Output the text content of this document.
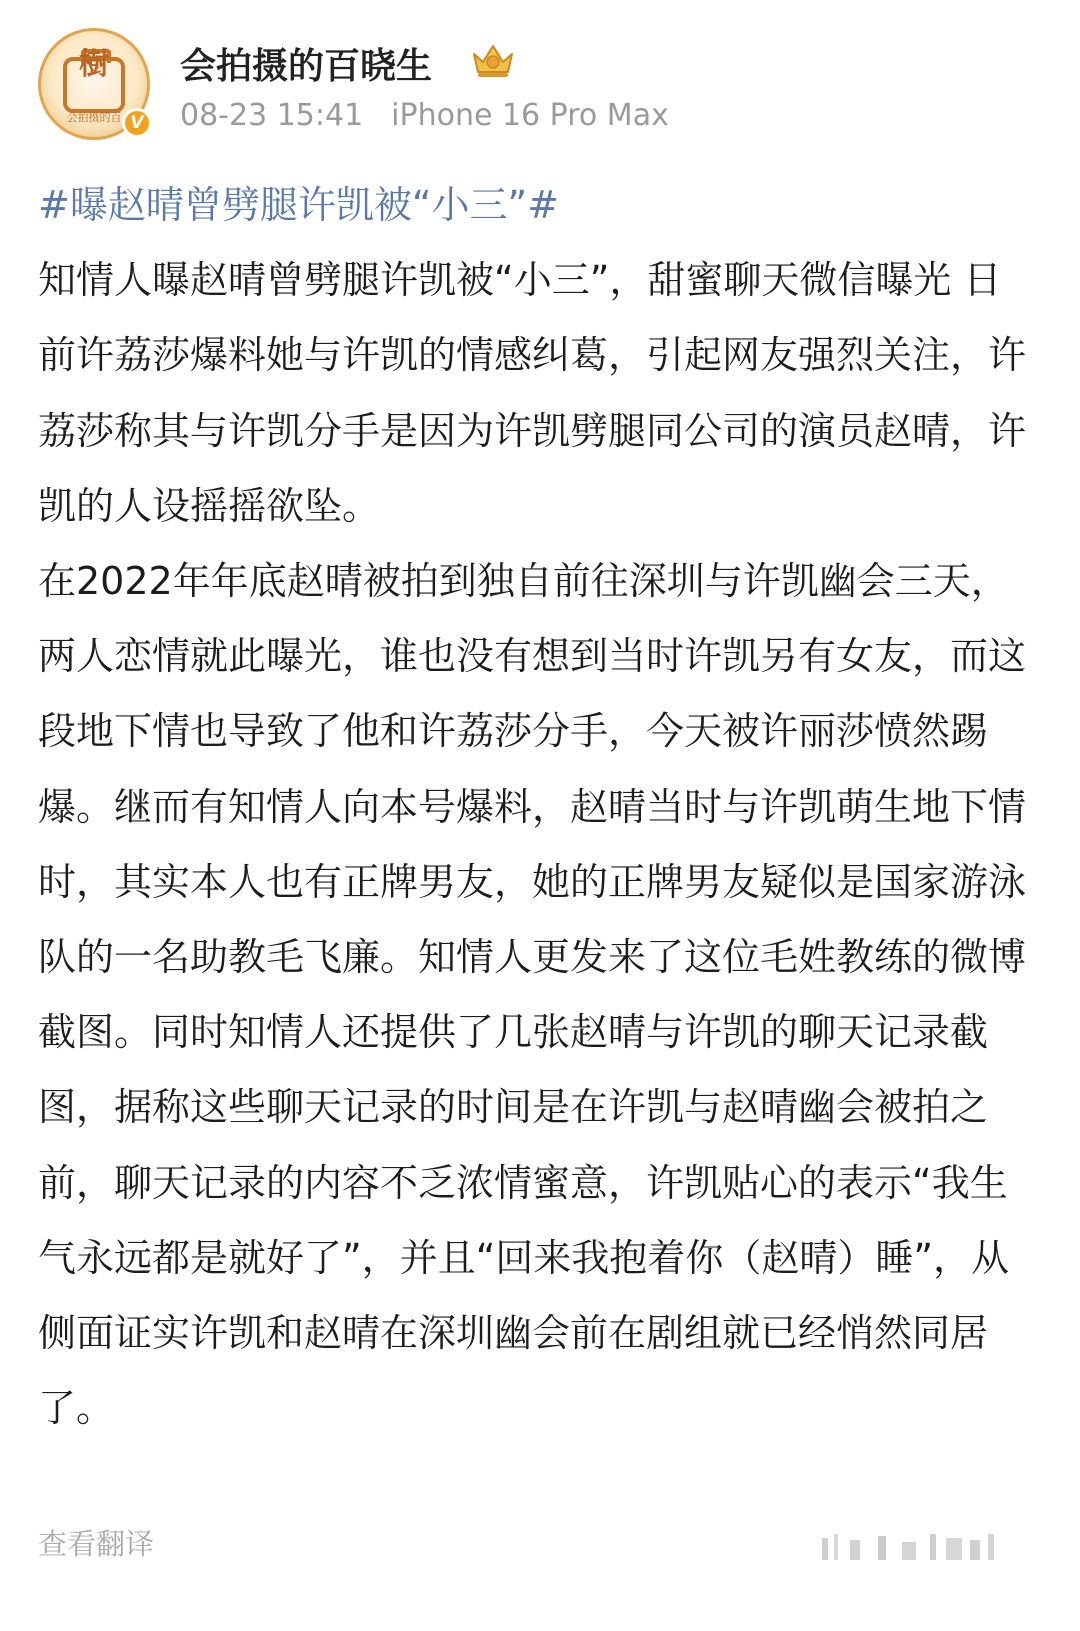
樹
会拍摄的百 V
会拍摄的百晓生
08-23 15:41 iPhone 16 Pro Max

#曝赵晴曾劈腿许凯被“小三”#

知情人曝赵晴曾劈腿许凯被“小三”，甜蜜聊天微信曝光 日前许荔莎爆料她与许凯的情感纠葛，引起网友强烈关注，许荔莎称其与许凯分手是因为许凯劈腿同公司的演员赵晴，许凯的人设摇摇欲坠。

在2022年年底赵晴被拍到独自前往深圳与许凯幽会三天，两人恋情就此曝光，谁也没有想到当时许凯另有女友，而这段地下情也导致了他和许荔莎分手，今天被许丽莎愤然踢爆。继而有知情人向本号爆料，赵晴当时与许凯萌生地下情时，其实本人也有正牌男友，她的正牌男友疑似是国家游泳队的一名助教毛飞廉。知情人更发来了这位毛姓教练的微博截图。同时知情人还提供了几张赵晴与许凯的聊天记录截图，据称这些聊天记录的时间是在许凯与赵晴幽会被拍之前，聊天记录的内容不乏浓情蜜意，许凯贴心的表示“我生气永远都是就好了”，并且“回来我抱着你（赵晴）睡”，从侧面证实许凯和赵晴在深圳幽会前在剧组就已经悄然同居了。

查看翻译
